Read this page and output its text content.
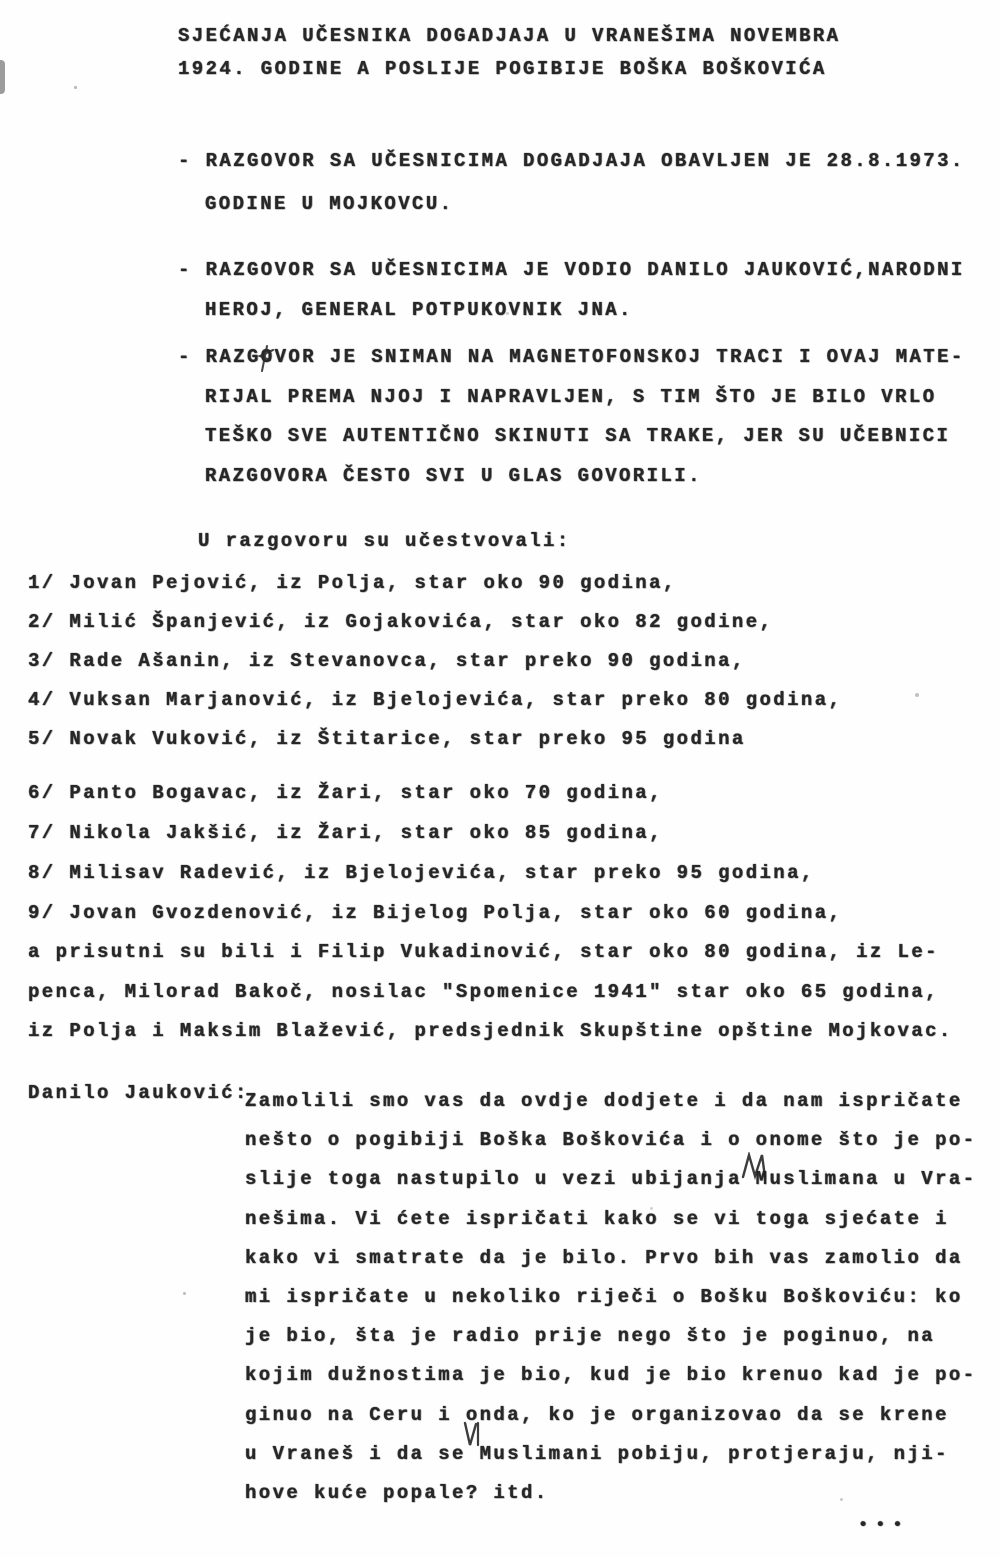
SJEĆANJA UČESNIKA DOGADJAJA U VRANEŠIMA NOVEMBRA
1924. GODINE A POSLIJE POGIBIJE BOŠKA BOŠKOVIĆA
- RAZGOVOR SA UČESNICIMA DOGADJAJA OBAVLJEN JE 28.8.1973.
GODINE U MOJKOVCU.
- RAZGOVOR SA UČESNICIMA JE VODIO DANILO JAUKOVIĆ,NARODNI
HEROJ, GENERAL POTPUKOVNIK JNA.
- RAZGOVOR JE SNIMAN NA MAGNETOFONSKOJ TRACI I OVAJ MATE-
RIJAL PREMA NJOJ I NAPRAVLJEN, S TIM ŠTO JE BILO VRLO
TEŠKO SVE AUTENTIČNO SKINUTI SA TRAKE, JER SU UČEBNICI
RAZGOVORA ČESTO SVI U GLAS GOVORILI.
U razgovoru su učestvovali:
1/ Jovan Pejović, iz Polja, star oko 90 godina,
2/ Milić Španjević, iz Gojakovića, star oko 82 godine,
3/ Rade Ašanin, iz Stevanovca, star preko 90 godina,
4/ Vuksan Marjanović, iz Bjelojevića, star preko 80 godina,
5/ Novak Vuković, iz Štitarice, star preko 95 godina
6/ Panto Bogavac, iz Žari, star oko 70 godina,
7/ Nikola Jakšić, iz Žari, star oko 85 godina,
8/ Milisav Radević, iz Bjelojevića, star preko 95 godina,
9/ Jovan Gvozdenović, iz Bijelog Polja, star oko 60 godina,
a prisutni su bili i Filip Vukadinović, star oko 80 godina, iz Le-
penca, Milorad Bakoč, nosilac "Spomenice 1941" star oko 65 godina,
iz Polja i Maksim Blažević, predsjednik Skupštine opštine Mojkovac.
Danilo Jauković:
Zamolili smo vas da ovdje dodjete i da nam ispričate
nešto o pogibiji Boška Boškovića i o onome što je po-
slije toga nastupilo u vezi ubijanja Muslimana u Vra-
nešima. Vi ćete ispričati kako se vi toga sjećate i
kako vi smatrate da je bilo. Prvo bih vas zamolio da
mi ispričate u nekoliko riječi o Bošku Boškoviću: ko
je bio, šta je radio prije nego što je poginuo, na
kojim dužnostima je bio, kud je bio krenuo kad je po-
ginuo na Ceru i onda, ko je organizovao da se krene
u Vraneš i da se Muslimani pobiju, protjeraju, nji-
hove kuće popale? itd.
•••
